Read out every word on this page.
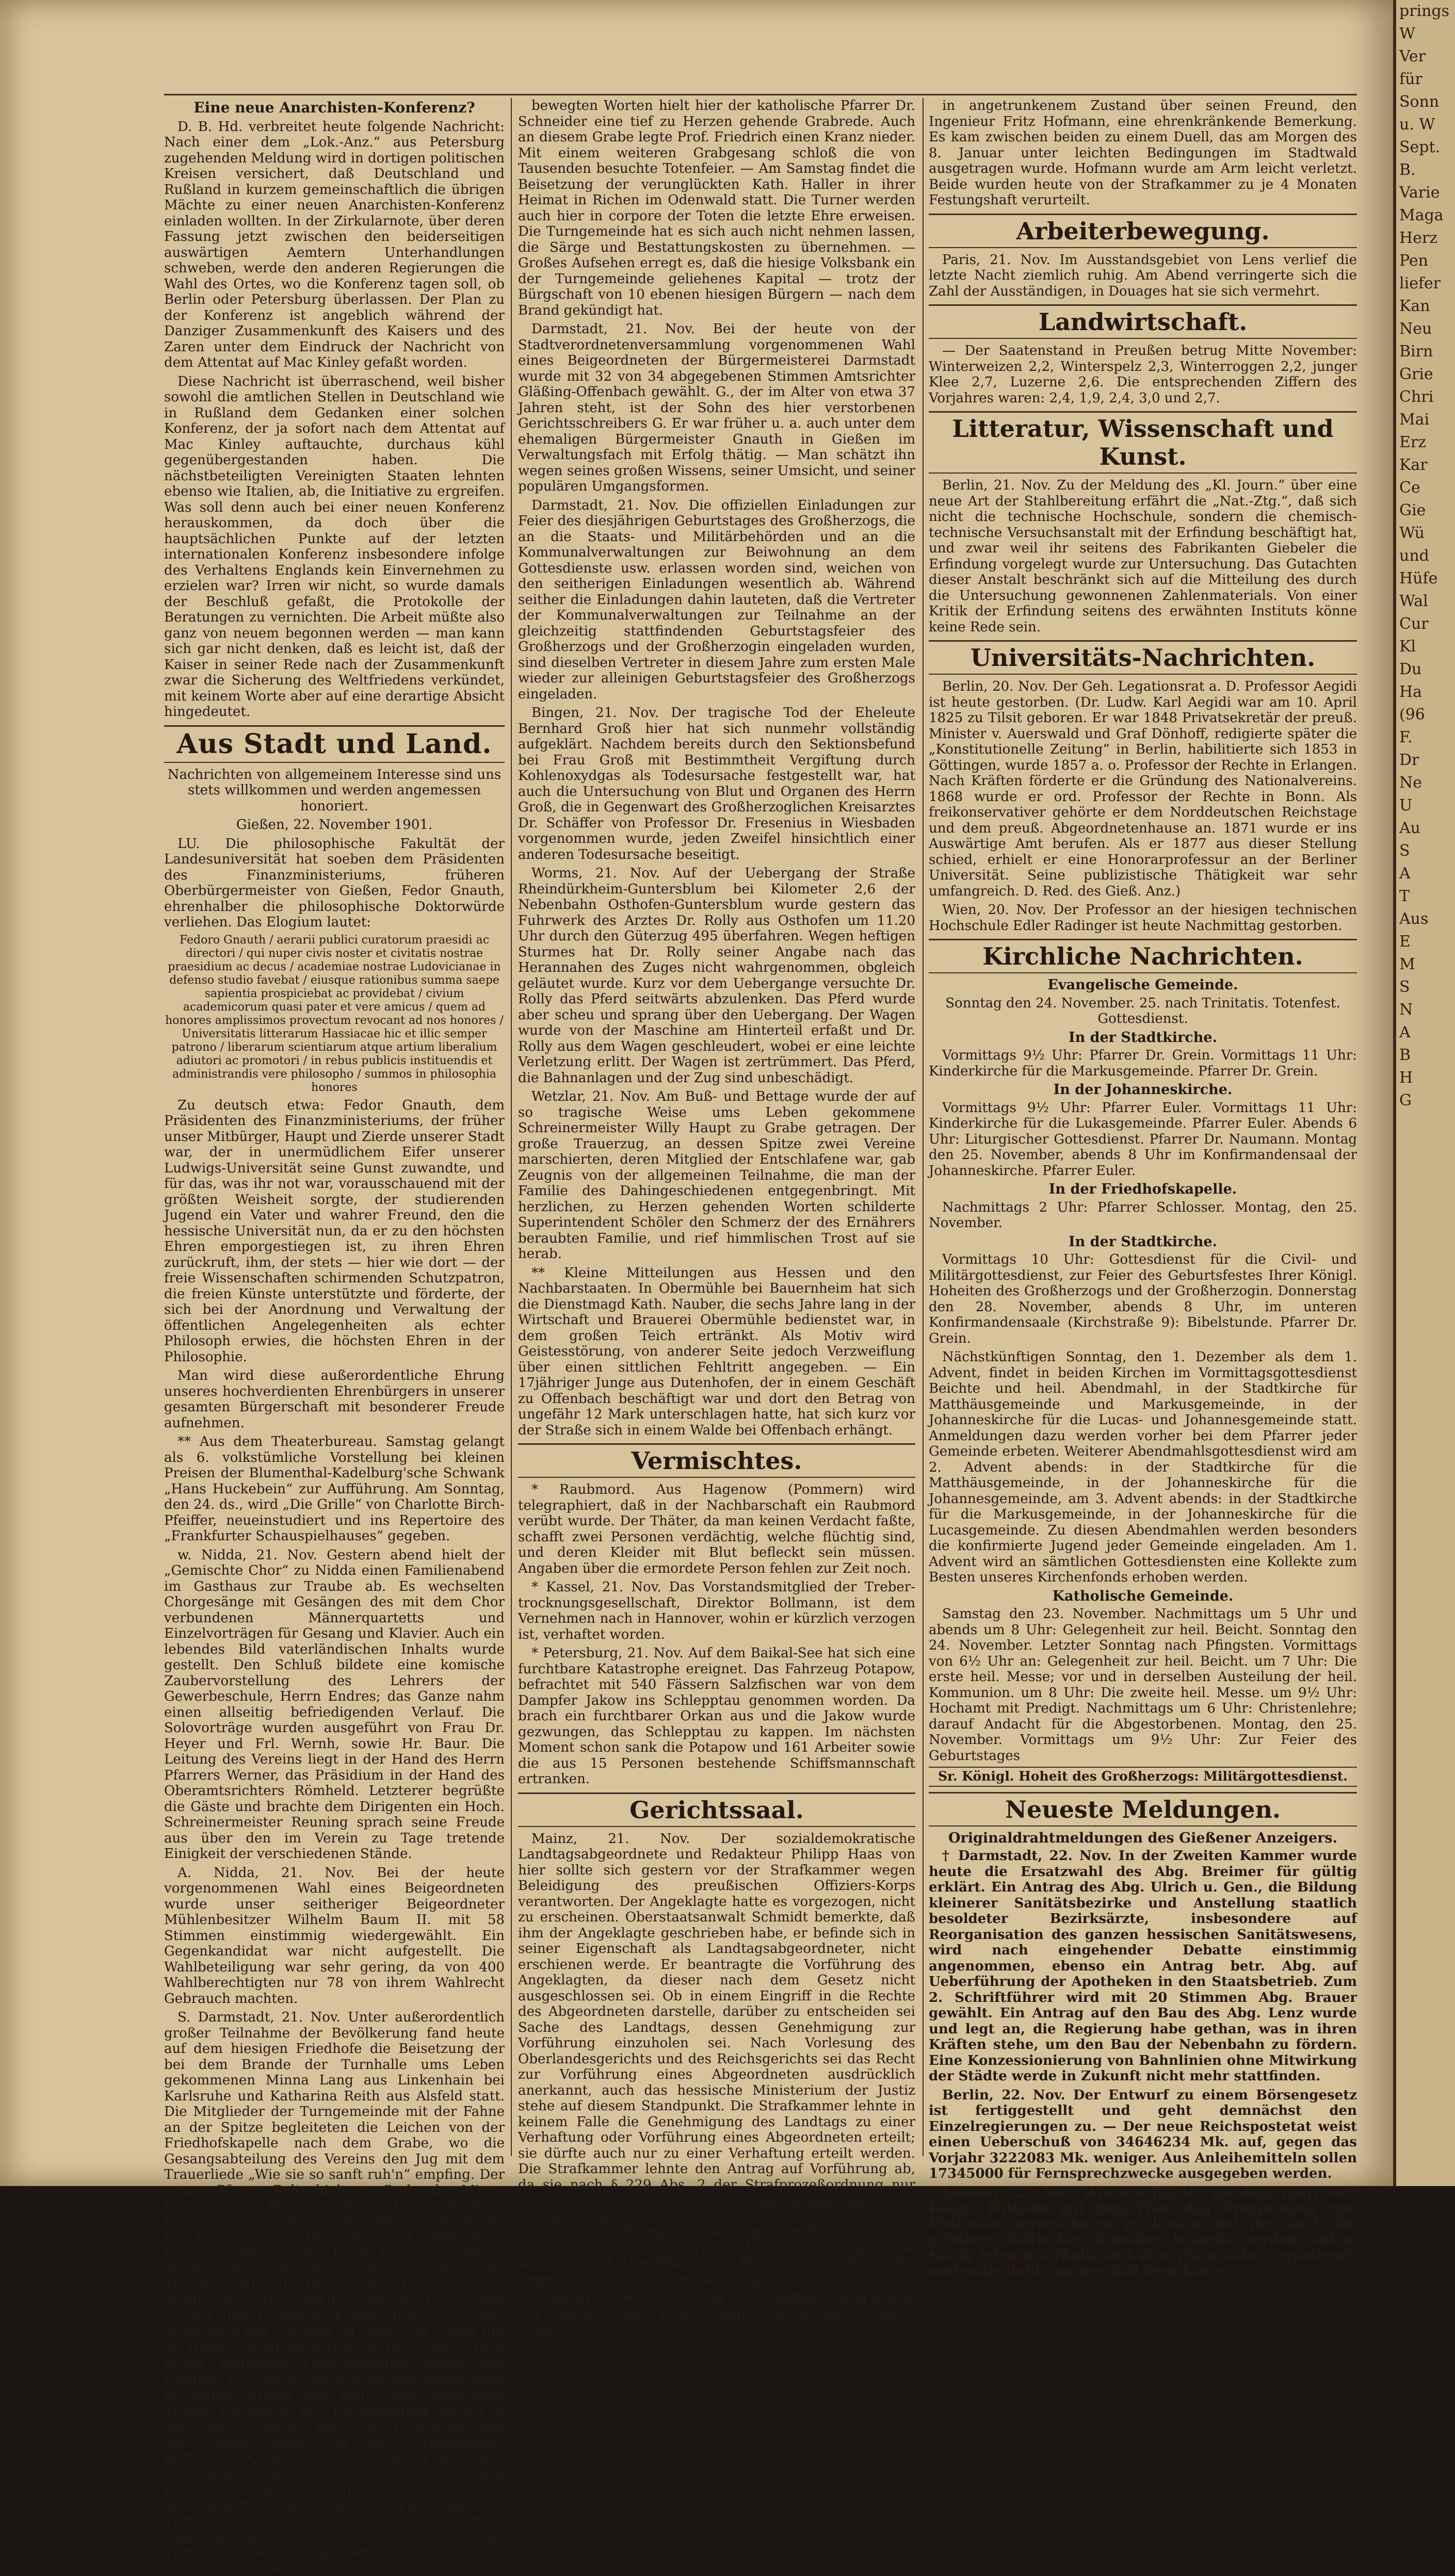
Eine neue Anarchisten-Konferenz?

D. B. Hd. verbreitet heute folgende Nachricht: Nach einer dem „Lok.-Anz.“ aus Petersburg zugehenden Meldung wird in dortigen politischen Kreisen versichert, daß Deutschland und Rußland in kurzem gemeinschaftlich die übrigen Mächte zu einer neuen Anarchisten-Konferenz einladen wollten. In der Zirkularnote, über deren Fassung jetzt zwischen den beiderseitigen auswärtigen Aemtern Unterhandlungen schweben, werde den anderen Regierungen die Wahl des Ortes, wo die Konferenz tagen soll, ob Berlin oder Petersburg überlassen. Der Plan zu der Konferenz ist angeblich während der Danziger Zusammenkunft des Kaisers und des Zaren unter dem Eindruck der Nachricht von dem Attentat auf Mac Kinley gefaßt worden.

Diese Nachricht ist überraschend, weil bisher sowohl die amtlichen Stellen in Deutschland wie in Rußland dem Gedanken einer solchen Konferenz, der ja sofort nach dem Attentat auf Mac Kinley auftauchte, durchaus kühl gegenübergestanden haben. Die nächstbeteiligten Vereinigten Staaten lehnten ebenso wie Italien, ab, die Initiative zu ergreifen. Was soll denn auch bei einer neuen Konferenz herauskommen, da doch über die hauptsächlichen Punkte auf der letzten internationalen Konferenz insbesondere infolge des Verhaltens Englands kein Einvernehmen zu erzielen war? Irren wir nicht, so wurde damals der Beschluß gefaßt, die Protokolle der Beratungen zu vernichten. Die Arbeit müßte also ganz von neuem begonnen werden — man kann sich gar nicht denken, daß es leicht ist, daß der Kaiser in seiner Rede nach der Zusammenkunft zwar die Sicherung des Weltfriedens verkündet, mit keinem Worte aber auf eine derartige Absicht hingedeutet.

Aus Stadt und Land.

Nachrichten von allgemeinem Interesse sind uns stets willkommen und werden angemessen honoriert.

Gießen, 22. November 1901.

LU. Die philosophische Fakultät der Landesuniversität hat soeben dem Präsidenten des Finanzministeriums, früheren Oberbürgermeister von Gießen, Fedor Gnauth, ehrenhalber die philosophische Doktorwürde verliehen. Das Elogium lautet:

Fedoro Gnauth / aerarii publici curatorum praesidi ac directori / qui nuper civis noster et civitatis nostrae praesidium ac decus / academiae nostrae Ludovicianae in defenso studio favebat / eiusque rationibus summa saepe sapientia prospiciebat ac providebat / civium academicorum quasi pater et vere amicus / quem ad honores amplissimos provectum revocant ad nos honores / Universitatis litterarum Hassiacae hic et illic semper patrono / liberarum scientiarum atque artium liberalium adiutori ac promotori / in rebus publicis instituendis et administrandis vere philosopho / summos in philosophia honores

Zu deutsch etwa: Fedor Gnauth, dem Präsidenten des Finanzministeriums, der früher unser Mitbürger, Haupt und Zierde unserer Stadt war, der in unermüdlichem Eifer unserer Ludwigs-Universität seine Gunst zuwandte, und für das, was ihr not war, vorausschauend mit der größten Weisheit sorgte, der studierenden Jugend ein Vater und wahrer Freund, den die hessische Universität nun, da er zu den höchsten Ehren emporgestiegen ist, zu ihren Ehren zurückruft, ihm, der stets — hier wie dort — der freie Wissenschaften schirmenden Schutzpatron, die freien Künste unterstützte und förderte, der sich bei der Anordnung und Verwaltung der öffentlichen Angelegenheiten als echter Philosoph erwies, die höchsten Ehren in der Philosophie.

Man wird diese außerordentliche Ehrung unseres hochverdienten Ehrenbürgers in unserer gesamten Bürgerschaft mit besonderer Freude aufnehmen.

** Aus dem Theaterbureau. Samstag gelangt als 6. volkstümliche Vorstellung bei kleinen Preisen der Blumenthal-Kadelburg'sche Schwank „Hans Huckebein“ zur Aufführung. Am Sonntag, den 24. ds., wird „Die Grille“ von Charlotte Birch-Pfeiffer, neueinstudiert und ins Repertoire des „Frankfurter Schauspielhauses“ gegeben.

w. Nidda, 21. Nov. Gestern abend hielt der „Gemischte Chor“ zu Nidda einen Familienabend im Gasthaus zur Traube ab. Es wechselten Chorgesänge mit Gesängen des mit dem Chor verbundenen Männerquartetts und Einzelvorträgen für Gesang und Klavier. Auch ein lebendes Bild vaterländischen Inhalts wurde gestellt. Den Schluß bildete eine komische Zaubervorstellung des Lehrers der Gewerbeschule, Herrn Endres; das Ganze nahm einen allseitig befriedigenden Verlauf. Die Solovorträge wurden ausgeführt von Frau Dr. Heyer und Frl. Wernh, sowie Hr. Baur. Die Leitung des Vereins liegt in der Hand des Herrn Pfarrers Werner, das Präsidium in der Hand des Oberamtsrichters Römheld. Letzterer begrüßte die Gäste und brachte dem Dirigenten ein Hoch. Schreinermeister Reuning sprach seine Freude aus über den im Verein zu Tage tretende Einigkeit der verschiedenen Stände.

A. Nidda, 21. Nov. Bei der heute vorgenommenen Wahl eines Beigeordneten wurde unser seitheriger Beigeordneter Mühlenbesitzer Wilhelm Baum II. mit 58 Stimmen einstimmig wiedergewählt. Ein Gegenkandidat war nicht aufgestellt. Die Wahlbeteiligung war sehr gering, da von 400 Wahlberechtigten nur 78 von ihrem Wahlrecht Gebrauch machten.

S. Darmstadt, 21. Nov. Unter außerordentlich großer Teilnahme der Bevölkerung fand heute auf dem hiesigen Friedhofe die Beisetzung der bei dem Brande der Turnhalle ums Leben gekommenen Minna Lang aus Linkenhain bei Karlsruhe und Katharina Reith aus Alsfeld statt. Die Mitglieder der Turngemeinde mit der Fahne an der Spitze begleiteten die Leichen von der Friedhofskapelle nach dem Grabe, wo die Gesangsabteilung des Vereins den Jug mit dem Trauerliede „Wie sie so sanft ruh'n“ empfing. Der evang. Pfarrer Belte hielt am Grabe der Minna Lang eine zu Herzen gehende Grabrede. Prof. Friedrich, der erste Sprecher der Turngemeinde, trat hierauf an den Grabhügel und schilderte in bewegten Worten das kaum faßbare Unglück. Noch zwei Stunden vorher seien der Turngemeinde die Räume der Turnhalle eine Stätte der Fröhlichkeit gewesen. Ueber den Verlust des Gebäudes könnte man sich aber, wenn auch mit Thränen im Auge und einem Riß im Herzen, schließlich trösten. Doch der Verlust dreier blühender Menschenleben mache das Unglück so schwer; für den Verlust dieser gebe es keinen Ersatz und kein Gang gewordene Trauer. Im Namen der Turngemeinde sprach er den Hinterbliebenen herzliches Beileid aus und legte dann einen von der Turngemeinde gestifteten Kranz nieder. Es wurden außerdem zahlreiche Kränze, u. a. einer von dem Frankfurter Kellnerverein, an dem Grabe niedergelegt. „Auferstehn, ja Auferstehn“ der Turnerschaft schloß diesen Teil der erhebenden Feier. Inzwischen nahte schon der Zug der Turner mit der verunglückten Kath. Reith. Ihr ebenso feierlichen

bewegten Worten hielt hier der katholische Pfarrer Dr. Schneider eine tief zu Herzen gehende Grabrede. Auch an diesem Grabe legte Prof. Friedrich einen Kranz nieder. Mit einem weiteren Grabgesang schloß die von Tausenden besuchte Totenfeier. — Am Samstag findet die Beisetzung der verunglückten Kath. Haller in ihrer Heimat in Richen im Odenwald statt. Die Turner werden auch hier in corpore der Toten die letzte Ehre erweisen. Die Turngemeinde hat es sich auch nicht nehmen lassen, die Särge und Bestattungskosten zu übernehmen. — Großes Aufsehen erregt es, daß die hiesige Volksbank ein der Turngemeinde geliehenes Kapital — trotz der Bürgschaft von 10 ebenen hiesigen Bürgern — nach dem Brand gekündigt hat.

Darmstadt, 21. Nov. Bei der heute von der Stadtverordnetenversammlung vorgenommenen Wahl eines Beigeordneten der Bürgermeisterei Darmstadt wurde mit 32 von 34 abgegebenen Stimmen Amtsrichter Gläßing-Offenbach gewählt. G., der im Alter von etwa 37 Jahren steht, ist der Sohn des hier verstorbenen Gerichtsschreibers G. Er war früher u. a. auch unter dem ehemaligen Bürgermeister Gnauth in Gießen im Verwaltungsfach mit Erfolg thätig. — Man schätzt ihn wegen seines großen Wissens, seiner Umsicht, und seiner populären Umgangsformen.

Darmstadt, 21. Nov. Die offiziellen Einladungen zur Feier des diesjährigen Geburtstages des Großherzogs, die an die Staats- und Militärbehörden und an die Kommunalverwaltungen zur Beiwohnung an dem Gottesdienste usw. erlassen worden sind, weichen von den seitherigen Einladungen wesentlich ab. Während seither die Einladungen dahin lauteten, daß die Vertreter der Kommunalverwaltungen zur Teilnahme an der gleichzeitig stattfindenden Geburtstagsfeier des Großherzogs und der Großherzogin eingeladen wurden, sind dieselben Vertreter in diesem Jahre zum ersten Male wieder zur alleinigen Geburtstagsfeier des Großherzogs eingeladen.

Bingen, 21. Nov. Der tragische Tod der Eheleute Bernhard Groß hier hat sich nunmehr vollständig aufgeklärt. Nachdem bereits durch den Sektionsbefund bei Frau Groß mit Bestimmtheit Vergiftung durch Kohlenoxydgas als Todesursache festgestellt war, hat auch die Untersuchung von Blut und Organen des Herrn Groß, die in Gegenwart des Großherzoglichen Kreisarztes Dr. Schäffer von Professor Dr. Fresenius in Wiesbaden vorgenommen wurde, jeden Zweifel hinsichtlich einer anderen Todesursache beseitigt.

Worms, 21. Nov. Auf der Uebergang der Straße Rheindürkheim-Guntersblum bei Kilometer 2,6 der Nebenbahn Osthofen-Guntersblum wurde gestern das Fuhrwerk des Arztes Dr. Rolly aus Osthofen um 11.20 Uhr durch den Güterzug 495 überfahren. Wegen heftigen Sturmes hat Dr. Rolly seiner Angabe nach das Herannahen des Zuges nicht wahrgenommen, obgleich geläutet wurde. Kurz vor dem Uebergange versuchte Dr. Rolly das Pferd seitwärts abzulenken. Das Pferd wurde aber scheu und sprang über den Uebergang. Der Wagen wurde von der Maschine am Hinterteil erfaßt und Dr. Rolly aus dem Wagen geschleudert, wobei er eine leichte Verletzung erlitt. Der Wagen ist zertrümmert. Das Pferd, die Bahnanlagen und der Zug sind unbeschädigt.

Wetzlar, 21. Nov. Am Buß- und Bettage wurde der auf so tragische Weise ums Leben gekommene Schreinermeister Willy Haupt zu Grabe getragen. Der große Trauerzug, an dessen Spitze zwei Vereine marschierten, deren Mitglied der Entschlafene war, gab Zeugnis von der allgemeinen Teilnahme, die man der Familie des Dahingeschiedenen entgegenbringt. Mit herzlichen, zu Herzen gehenden Worten schilderte Superintendent Schöler den Schmerz der des Ernährers beraubten Familie, und rief himmlischen Trost auf sie herab.

** Kleine Mitteilungen aus Hessen und den Nachbarstaaten. In Obermühle bei Bauernheim hat sich die Dienstmagd Kath. Nauber, die sechs Jahre lang in der Wirtschaft und Brauerei Obermühle bedienstet war, in dem großen Teich ertränkt. Als Motiv wird Geistesstörung, von anderer Seite jedoch Verzweiflung über einen sittlichen Fehltritt angegeben. — Ein 17jähriger Junge aus Dutenhofen, der in einem Geschäft zu Offenbach beschäftigt war und dort den Betrag von ungefähr 12 Mark unterschlagen hatte, hat sich kurz vor der Straße sich in einem Walde bei Offenbach erhängt.

Vermischtes.

* Raubmord. Aus Hagenow (Pommern) wird telegraphiert, daß in der Nachbarschaft ein Raubmord verübt wurde. Der Thäter, da man keinen Verdacht faßte, schafft zwei Personen verdächtig, welche flüchtig sind, und deren Kleider mit Blut befleckt sein müssen. Angaben über die ermordete Person fehlen zur Zeit noch.

* Kassel, 21. Nov. Das Vorstandsmitglied der Treber-trocknungsgesellschaft, Direktor Bollmann, ist dem Vernehmen nach in Hannover, wohin er kürzlich verzogen ist, verhaftet worden.

* Petersburg, 21. Nov. Auf dem Baikal-See hat sich eine furchtbare Katastrophe ereignet. Das Fahrzeug Potapow, befrachtet mit 540 Fässern Salzfischen war von dem Dampfer Jakow ins Schlepptau genommen worden. Da brach ein furchtbarer Orkan aus und die Jakow wurde gezwungen, das Schlepptau zu kappen. Im nächsten Moment schon sank die Potapow und 161 Arbeiter sowie die aus 15 Personen bestehende Schiffsmannschaft ertranken.

Gerichtssaal.

Mainz, 21. Nov. Der sozialdemokratische Landtagsabgeordnete und Redakteur Philipp Haas von hier sollte sich gestern vor der Strafkammer wegen Beleidigung des preußischen Offiziers-Korps verantworten. Der Angeklagte hatte es vorgezogen, nicht zu erscheinen. Oberstaatsanwalt Schmidt bemerkte, daß ihm der Angeklagte geschrieben habe, er befinde sich in seiner Eigenschaft als Landtagsabgeordneter, nicht erschienen werde. Er beantragte die Vorführung des Angeklagten, da dieser nach dem Gesetz nicht ausgeschlossen sei. Ob in einem Eingriff in die Rechte des Abgeordneten darstelle, darüber zu entscheiden sei Sache des Landtags, dessen Genehmigung zur Vorführung einzuholen sei. Nach Vorlesung des Oberlandesgerichts und des Reichsgerichts sei das Recht zur Vorführung eines Abgeordneten ausdrücklich anerkannt, auch das hessische Ministerium der Justiz stehe auf diesem Standpunkt. Die Strafkammer lehnte in keinem Falle die Genehmigung des Landtags zu einer Verhaftung oder Vorführung eines Abgeordneten erteilt; sie dürfte auch nur zu einer Verhaftung erteilt werden. Die Strafkammer lehnte den Antrag auf Vorführung ab, da sie nach § 229 Abs. 2 der Strafprozeßordnung nur bann gerechtfertigt sei, wenn der Angeklagte nicht genügend entschuldigt ist. Es sei aber anzunehmen, daß er durch die Sitzung des Landtags und der Ausschüsse dort persönlich verhindert sei. Die Verhandlung wurde vertagt und Rechtsanwalt Bühler die Ehre des Angeklagten genügend entschuldigt.

Frankfurt a. M., 21. Nov. In der Schöffensitzung wurde der Ingenieur Karl Eduard August Beck, wie er selbst angiebt,

in angetrunkenem Zustand über seinen Freund, den Ingenieur Fritz Hofmann, eine ehrenkränkende Bemerkung. Es kam zwischen beiden zu einem Duell, das am Morgen des 8. Januar unter leichten Bedingungen im Stadtwald ausgetragen wurde. Hofmann wurde am Arm leicht verletzt. Beide wurden heute von der Strafkammer zu je 4 Monaten Festungshaft verurteilt.

Arbeiterbewegung.

Paris, 21. Nov. Im Ausstandsgebiet von Lens verlief die letzte Nacht ziemlich ruhig. Am Abend verringerte sich die Zahl der Ausständigen, in Douages hat sie sich vermehrt.

Landwirtschaft.

— Der Saatenstand in Preußen betrug Mitte November: Winterweizen 2,2, Winterspelz 2,3, Winterroggen 2,2, junger Klee 2,7, Luzerne 2,6. Die entsprechenden Ziffern des Vorjahres waren: 2,4, 1,9, 2,4, 3,0 und 2,7.

Litteratur, Wissenschaft und Kunst.

Berlin, 21. Nov. Zu der Meldung des „Kl. Journ.“ über eine neue Art der Stahlbereitung erfährt die „Nat.-Ztg.“, daß sich nicht die technische Hochschule, sondern die chemisch-technische Versuchsanstalt mit der Erfindung beschäftigt hat, und zwar weil ihr seitens des Fabrikanten Giebeler die Erfindung vorgelegt wurde zur Untersuchung. Das Gutachten dieser Anstalt beschränkt sich auf die Mitteilung des durch die Untersuchung gewonnenen Zahlenmaterials. Von einer Kritik der Erfindung seitens des erwähnten Instituts könne keine Rede sein.

Universitäts-Nachrichten.

Berlin, 20. Nov. Der Geh. Legationsrat a. D. Professor Aegidi ist heute gestorben. (Dr. Ludw. Karl Aegidi war am 10. April 1825 zu Tilsit geboren. Er war 1848 Privatsekretär der preuß. Minister v. Auerswald und Graf Dönhoff, redigierte später die „Konstitutionelle Zeitung“ in Berlin, habilitierte sich 1853 in Göttingen, wurde 1857 a. o. Professor der Rechte in Erlangen. Nach Kräften förderte er die Gründung des Nationalvereins. 1868 wurde er ord. Professor der Rechte in Bonn. Als freikonservativer gehörte er dem Norddeutschen Reichstage und dem preuß. Abgeordnetenhause an. 1871 wurde er ins Auswärtige Amt berufen. Als er 1877 aus dieser Stellung schied, erhielt er eine Honorarprofessur an der Berliner Universität. Seine publizistische Thätigkeit war sehr umfangreich. D. Red. des Gieß. Anz.)

Wien, 20. Nov. Der Professor an der hiesigen technischen Hochschule Edler Radinger ist heute Nachmittag gestorben.

Kirchliche Nachrichten.
Evangelische Gemeinde.

Sonntag den 24. November. 25. nach Trinitatis. Totenfest. Gottesdienst.

In der Stadtkirche.

Vormittags 9½ Uhr: Pfarrer Dr. Grein. Vormittags 11 Uhr: Kinderkirche für die Markusgemeinde. Pfarrer Dr. Grein.

In der Johanneskirche.

Vormittags 9½ Uhr: Pfarrer Euler. Vormittags 11 Uhr: Kinderkirche für die Lukasgemeinde. Pfarrer Euler. Abends 6 Uhr: Liturgischer Gottesdienst. Pfarrer Dr. Naumann. Montag den 25. November, abends 8 Uhr im Konfirmandensaal der Johanneskirche. Pfarrer Euler.

In der Friedhofskapelle.

Nachmittags 2 Uhr: Pfarrer Schlosser. Montag, den 25. November.

In der Stadtkirche.

Vormittags 10 Uhr: Gottesdienst für die Civil- und Militärgottesdienst, zur Feier des Geburtsfestes Ihrer Königl. Hoheiten des Großherzogs und der Großherzogin. Donnerstag den 28. November, abends 8 Uhr, im unteren Konfirmandensaale (Kirchstraße 9): Bibelstunde. Pfarrer Dr. Grein.

Nächstkünftigen Sonntag, den 1. Dezember als dem 1. Advent, findet in beiden Kirchen im Vormittagsgottesdienst Beichte und heil. Abendmahl, in der Stadtkirche für Matthäusgemeinde und Markusgemeinde, in der Johanneskirche für die Lucas- und Johannesgemeinde statt. Anmeldungen dazu werden vorher bei dem Pfarrer jeder Gemeinde erbeten. Weiterer Abendmahlsgottesdienst wird am 2. Advent abends: in der Stadtkirche für die Matthäusgemeinde, in der Johanneskirche für die Johannesgemeinde, am 3. Advent abends: in der Stadtkirche für die Markusgemeinde, in der Johanneskirche für die Lucasgemeinde. Zu diesen Abendmahlen werden besonders die konfirmierte Jugend jeder Gemeinde eingeladen. Am 1. Advent wird an sämtlichen Gottesdiensten eine Kollekte zum Besten unseres Kirchenfonds erhoben werden.

Katholische Gemeinde.

Samstag den 23. November. Nachmittags um 5 Uhr und abends um 8 Uhr: Gelegenheit zur heil. Beicht. Sonntag den 24. November. Letzter Sonntag nach Pfingsten. Vormittags von 6½ Uhr an: Gelegenheit zur heil. Beicht. um 7 Uhr: Die erste heil. Messe; vor und in derselben Austeilung der heil. Kommunion. um 8 Uhr: Die zweite heil. Messe. um 9½ Uhr: Hochamt mit Predigt. Nachmittags um 6 Uhr: Christenlehre; darauf Andacht für die Abgestorbenen. Montag, den 25. November. Vormittags um 9½ Uhr: Zur Feier des Geburtstages

Sr. Königl. Hoheit des Großherzogs: Militärgottesdienst.
Neueste Meldungen.
Originaldrahtmeldungen des Gießener Anzeigers.

† Darmstadt, 22. Nov. In der Zweiten Kammer wurde heute die Ersatzwahl des Abg. Breimer für gültig erklärt. Ein Antrag des Abg. Ulrich u. Gen., die Bildung kleinerer Sanitätsbezirke und Anstellung staatlich besoldeter Bezirksärzte, insbesondere auf Reorganisation des ganzen hessischen Sanitätswesens, wird nach eingehender Debatte einstimmig angenommen, ebenso ein Antrag betr. Abg. auf Ueberführung der Apotheken in den Staatsbetrieb. Zum 2. Schriftführer wird mit 20 Stimmen Abg. Brauer gewählt. Ein Antrag auf den Bau des Abg. Lenz wurde und legt an, die Regierung habe gethan, was in ihren Kräften stehe, um den Bau der Nebenbahn zu fördern. Eine Konzessionierung von Bahnlinien ohne Mitwirkung der Städte werde in Zukunft nicht mehr stattfinden.

Berlin, 22. Nov. Der Entwurf zu einem Börsengesetz ist fertiggestellt und geht demnächst den Einzelregierungen zu. — Der neue Reichspostetat weist einen Ueberschuß von 34646234 Mk. auf, gegen das Vorjahr 3222083 Mk. weniger. Aus Anleihemitteln sollen 17345000 für Fernsprechzwecke ausgegeben werden.

London, 22. Nov. Wie die Blätter melden, trägt sich Kaiser Wilhelm mit dem Plan, den Kronprinzen eine Weltreise unternehmen zu lassen, bei der auch die größeren britischen Kolonien besucht werden sollen. König Eduard verhalte sich dem Plane sehr sympathisch und wolle dafür sorgen, daß dem Kron-

prings
W
Ver
für
Sonn
u. W
Sept.
B.
Varie
Maga
Herz
Pen
liefer
Kan
Neu
Birn
Grie
Chri
Mai
Erz
Kar
Ce
Gie
Wü
und
Hüfe
Wal
Cur
Kl
Du
Ha
(96
F.
Dr
Ne
U
Au
S
A
T
Aus
E
M
S
N
A
B
H
G
